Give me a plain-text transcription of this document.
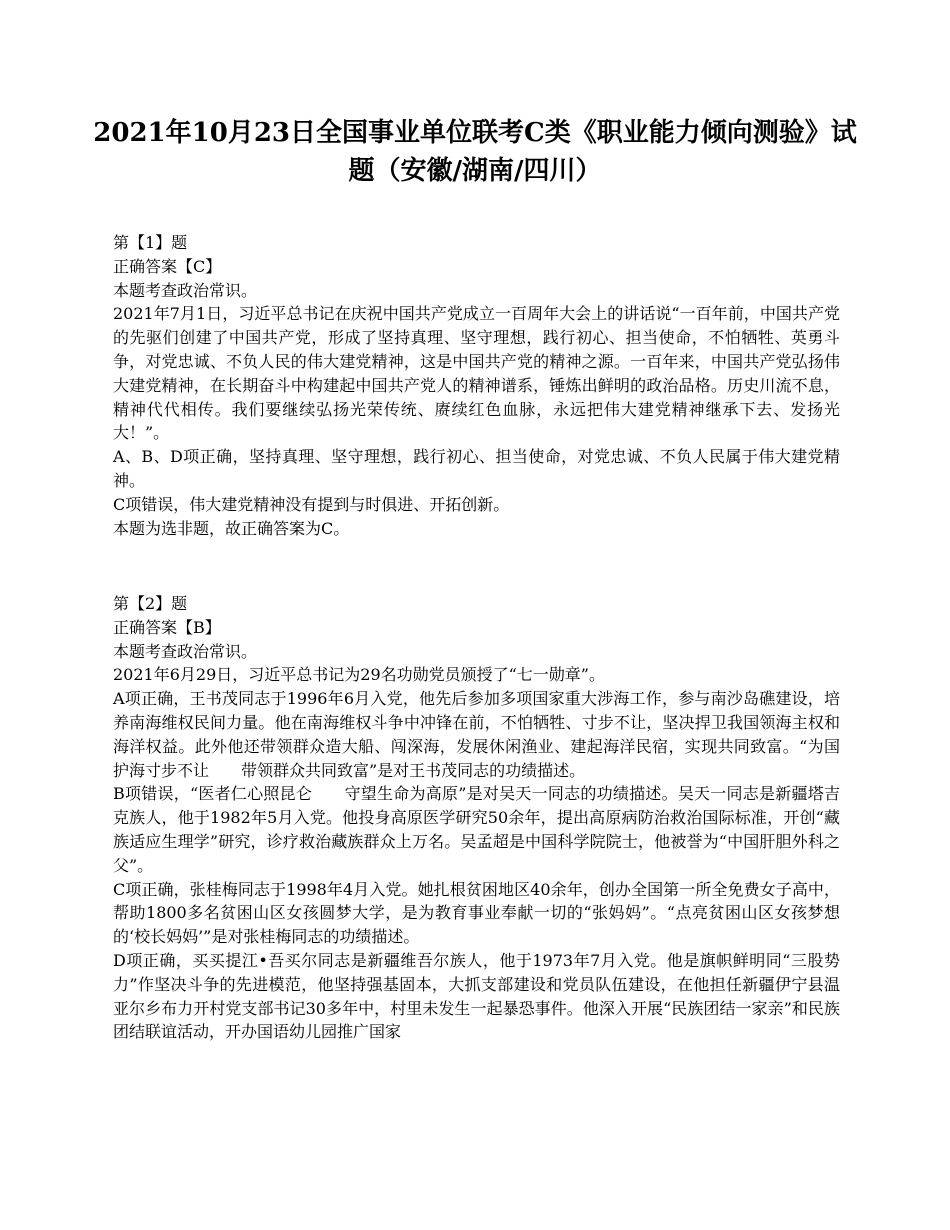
2021年10月23日全国事业单位联考C类《职业能力倾向测验》试题（安徽/湖南/四川）

第【1】题

正确答案【C】

本题考查政治常识。

2021年7月1日，习近平总书记在庆祝中国共产党成立一百周年大会上的讲话说“一百年前，中国共产党的先驱们创建了中国共产党，形成了坚持真理、坚守理想，践行初心、担当使命，不怕牺牲、英勇斗争，对党忠诚、不负人民的伟大建党精神，这是中国共产党的精神之源。一百年来，中国共产党弘扬伟大建党精神，在长期奋斗中构建起中国共产党人的精神谱系，锤炼出鲜明的政治品格。历史川流不息，精神代代相传。我们要继续弘扬光荣传统、赓续红色血脉，永远把伟大建党精神继承下去、发扬光大！”。

A、B、D项正确，坚持真理、坚守理想，践行初心、担当使命，对党忠诚、不负人民属于伟大建党精神。

C项错误，伟大建党精神没有提到与时俱进、开拓创新。

本题为选非题，故正确答案为C。

第【2】题

正确答案【B】

本题考查政治常识。

2021年6月29日，习近平总书记为29名功勋党员颁授了“七一勋章”。

A项正确，王书茂同志于1996年6月入党，他先后参加多项国家重大涉海工作，参与南沙岛礁建设，培养南海维权民间力量。他在南海维权斗争中冲锋在前，不怕牺牲、寸步不让，坚决捍卫我国领海主权和海洋权益。此外他还带领群众造大船、闯深海，发展休闲渔业、建起海洋民宿，实现共同致富。“为国护海寸步不让　　带领群众共同致富”是对王书茂同志的功绩描述。

B项错误，“医者仁心照昆仑　　守望生命为高原”是对吴天一同志的功绩描述。吴天一同志是新疆塔吉克族人，他于1982年5月入党。他投身高原医学研究50余年，提出高原病防治救治国际标准，开创“藏族适应生理学”研究，诊疗救治藏族群众上万名。吴孟超是中国科学院院士，他被誉为“中国肝胆外科之父”。

C项正确，张桂梅同志于1998年4月入党。她扎根贫困地区40余年，创办全国第一所全免费女子高中，帮助1800多名贫困山区女孩圆梦大学，是为教育事业奉献一切的“张妈妈”。“点亮贫困山区女孩梦想的‘校长妈妈’”是对张桂梅同志的功绩描述。

D项正确，买买提江•吾买尔同志是新疆维吾尔族人，他于1973年7月入党。他是旗帜鲜明同“三股势力”作坚决斗争的先进模范，他坚持强基固本，大抓支部建设和党员队伍建设，在他担任新疆伊宁县温亚尔乡布力开村党支部书记30多年中，村里未发生一起暴恐事件。他深入开展“民族团结一家亲”和民族团结联谊活动，开办国语幼儿园推广国家
